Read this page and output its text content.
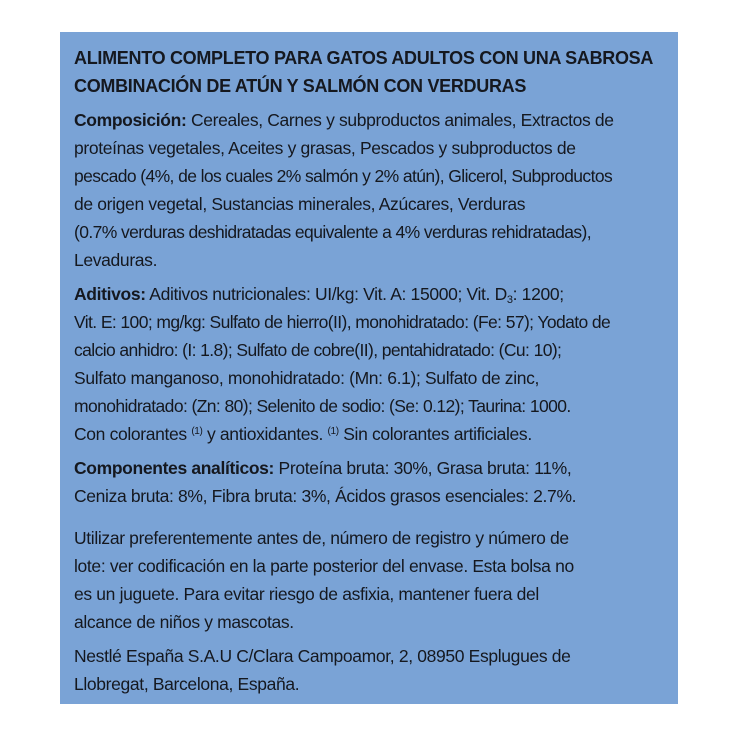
ALIMENTO COMPLETO PARA GATOS ADULTOS CON UNA SABROSA
COMBINACIÓN DE ATÚN Y SALMÓN CON VERDURAS

Composición: Cereales, Carnes y subproductos animales, Extractos de
proteínas vegetales, Aceites y grasas, Pescados y subproductos de
pescado (4%, de los cuales 2% salmón y 2% atún), Glicerol, Subproductos
de origen vegetal, Sustancias minerales, Azúcares, Verduras
(0.7% verduras deshidratadas equivalente a 4% verduras rehidratadas),
Levaduras.

Aditivos: Aditivos nutricionales: UI/kg: Vit. A: 15000; Vit. $D_3$: 1200;
Vit. E: 100; mg/kg: Sulfato de hierro(II), monohidratado: (Fe: 57); Yodato de
calcio anhidro: (I: 1.8); Sulfato de cobre(II), pentahidratado: (Cu: 10);
Sulfato manganoso, monohidratado: (Mn: 6.1); Sulfato de zinc,
monohidratado: (Zn: 80); Selenito de sodio: (Se: 0.12); Taurina: 1000.
Con colorantes $^{(1)}$ y antioxidantes. $^{(1)}$ Sin colorantes artificiales.

Componentes analíticos: Proteína bruta: 30%, Grasa bruta: 11%,
Ceniza bruta: 8%, Fibra bruta: 3%, Ácidos grasos esenciales: 2.7%.

Utilizar preferentemente antes de, número de registro y número de
lote: ver codificación en la parte posterior del envase. Esta bolsa no
es un juguete. Para evitar riesgo de asfixia, mantener fuera del
alcance de niños y mascotas.

Nestlé España S.A.U C/Clara Campoamor, 2, 08950 Esplugues de
Llobregat, Barcelona, España.
